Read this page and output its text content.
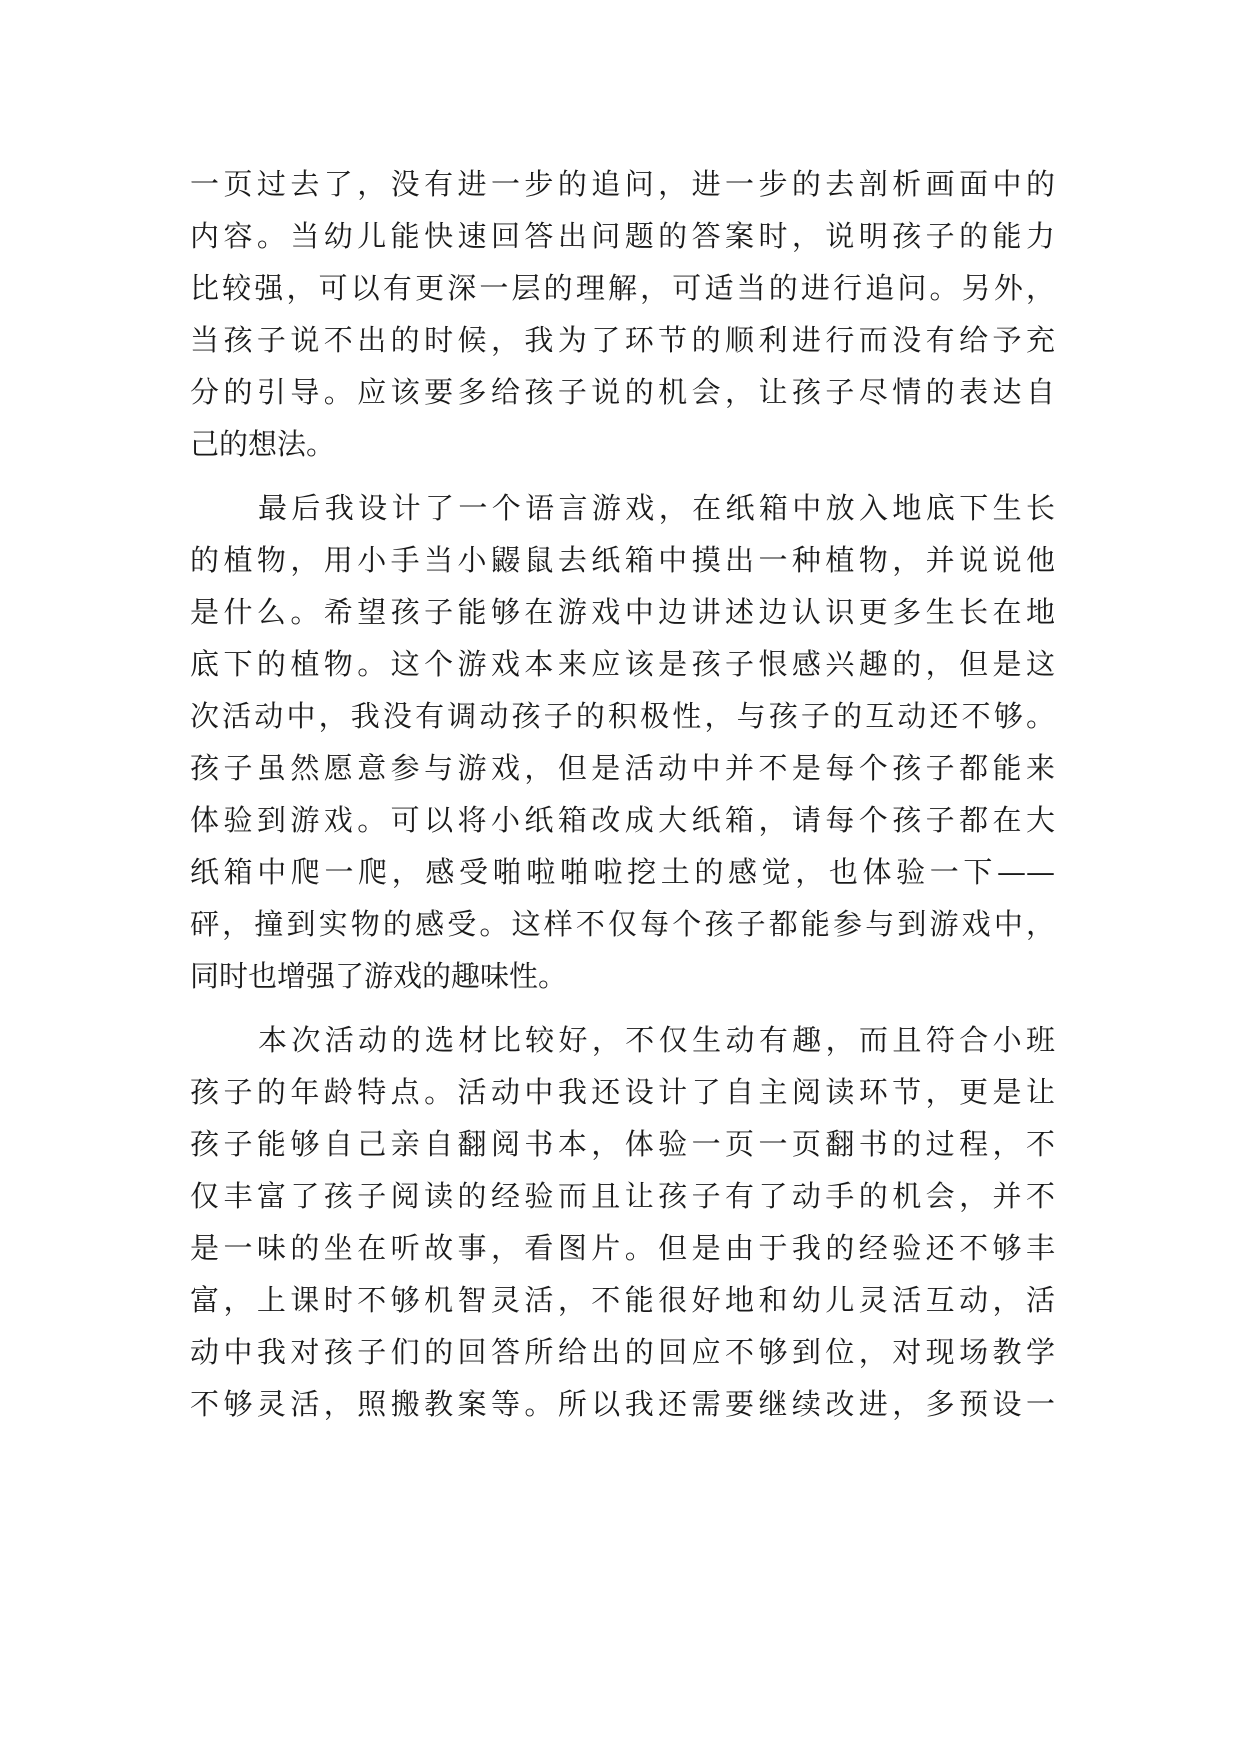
一页过去了，没有进一步的追问，进一步的去剖析画面中的
内容。当幼儿能快速回答出问题的答案时，说明孩子的能力
比较强，可以有更深一层的理解，可适当的进行追问。另外，
当孩子说不出的时候，我为了环节的顺利进行而没有给予充
分的引导。应该要多给孩子说的机会，让孩子尽情的表达自
己的想法。
最后我设计了一个语言游戏，在纸箱中放入地底下生长
的植物，用小手当小鼹鼠去纸箱中摸出一种植物，并说说他
是什么。希望孩子能够在游戏中边讲述边认识更多生长在地
底下的植物。这个游戏本来应该是孩子恨感兴趣的，但是这
次活动中，我没有调动孩子的积极性，与孩子的互动还不够。
孩子虽然愿意参与游戏，但是活动中并不是每个孩子都能来
体验到游戏。可以将小纸箱改成大纸箱，请每个孩子都在大
纸箱中爬一爬，感受啪啦啪啦挖土的感觉，也体验一下——
砰，撞到实物的感受。这样不仅每个孩子都能参与到游戏中，
同时也增强了游戏的趣味性。
本次活动的选材比较好，不仅生动有趣，而且符合小班
孩子的年龄特点。活动中我还设计了自主阅读环节，更是让
孩子能够自己亲自翻阅书本，体验一页一页翻书的过程，不
仅丰富了孩子阅读的经验而且让孩子有了动手的机会，并不
是一味的坐在听故事，看图片。但是由于我的经验还不够丰
富，上课时不够机智灵活，不能很好地和幼儿灵活互动，活
动中我对孩子们的回答所给出的回应不够到位，对现场教学
不够灵活，照搬教案等。所以我还需要继续改进，多预设一
